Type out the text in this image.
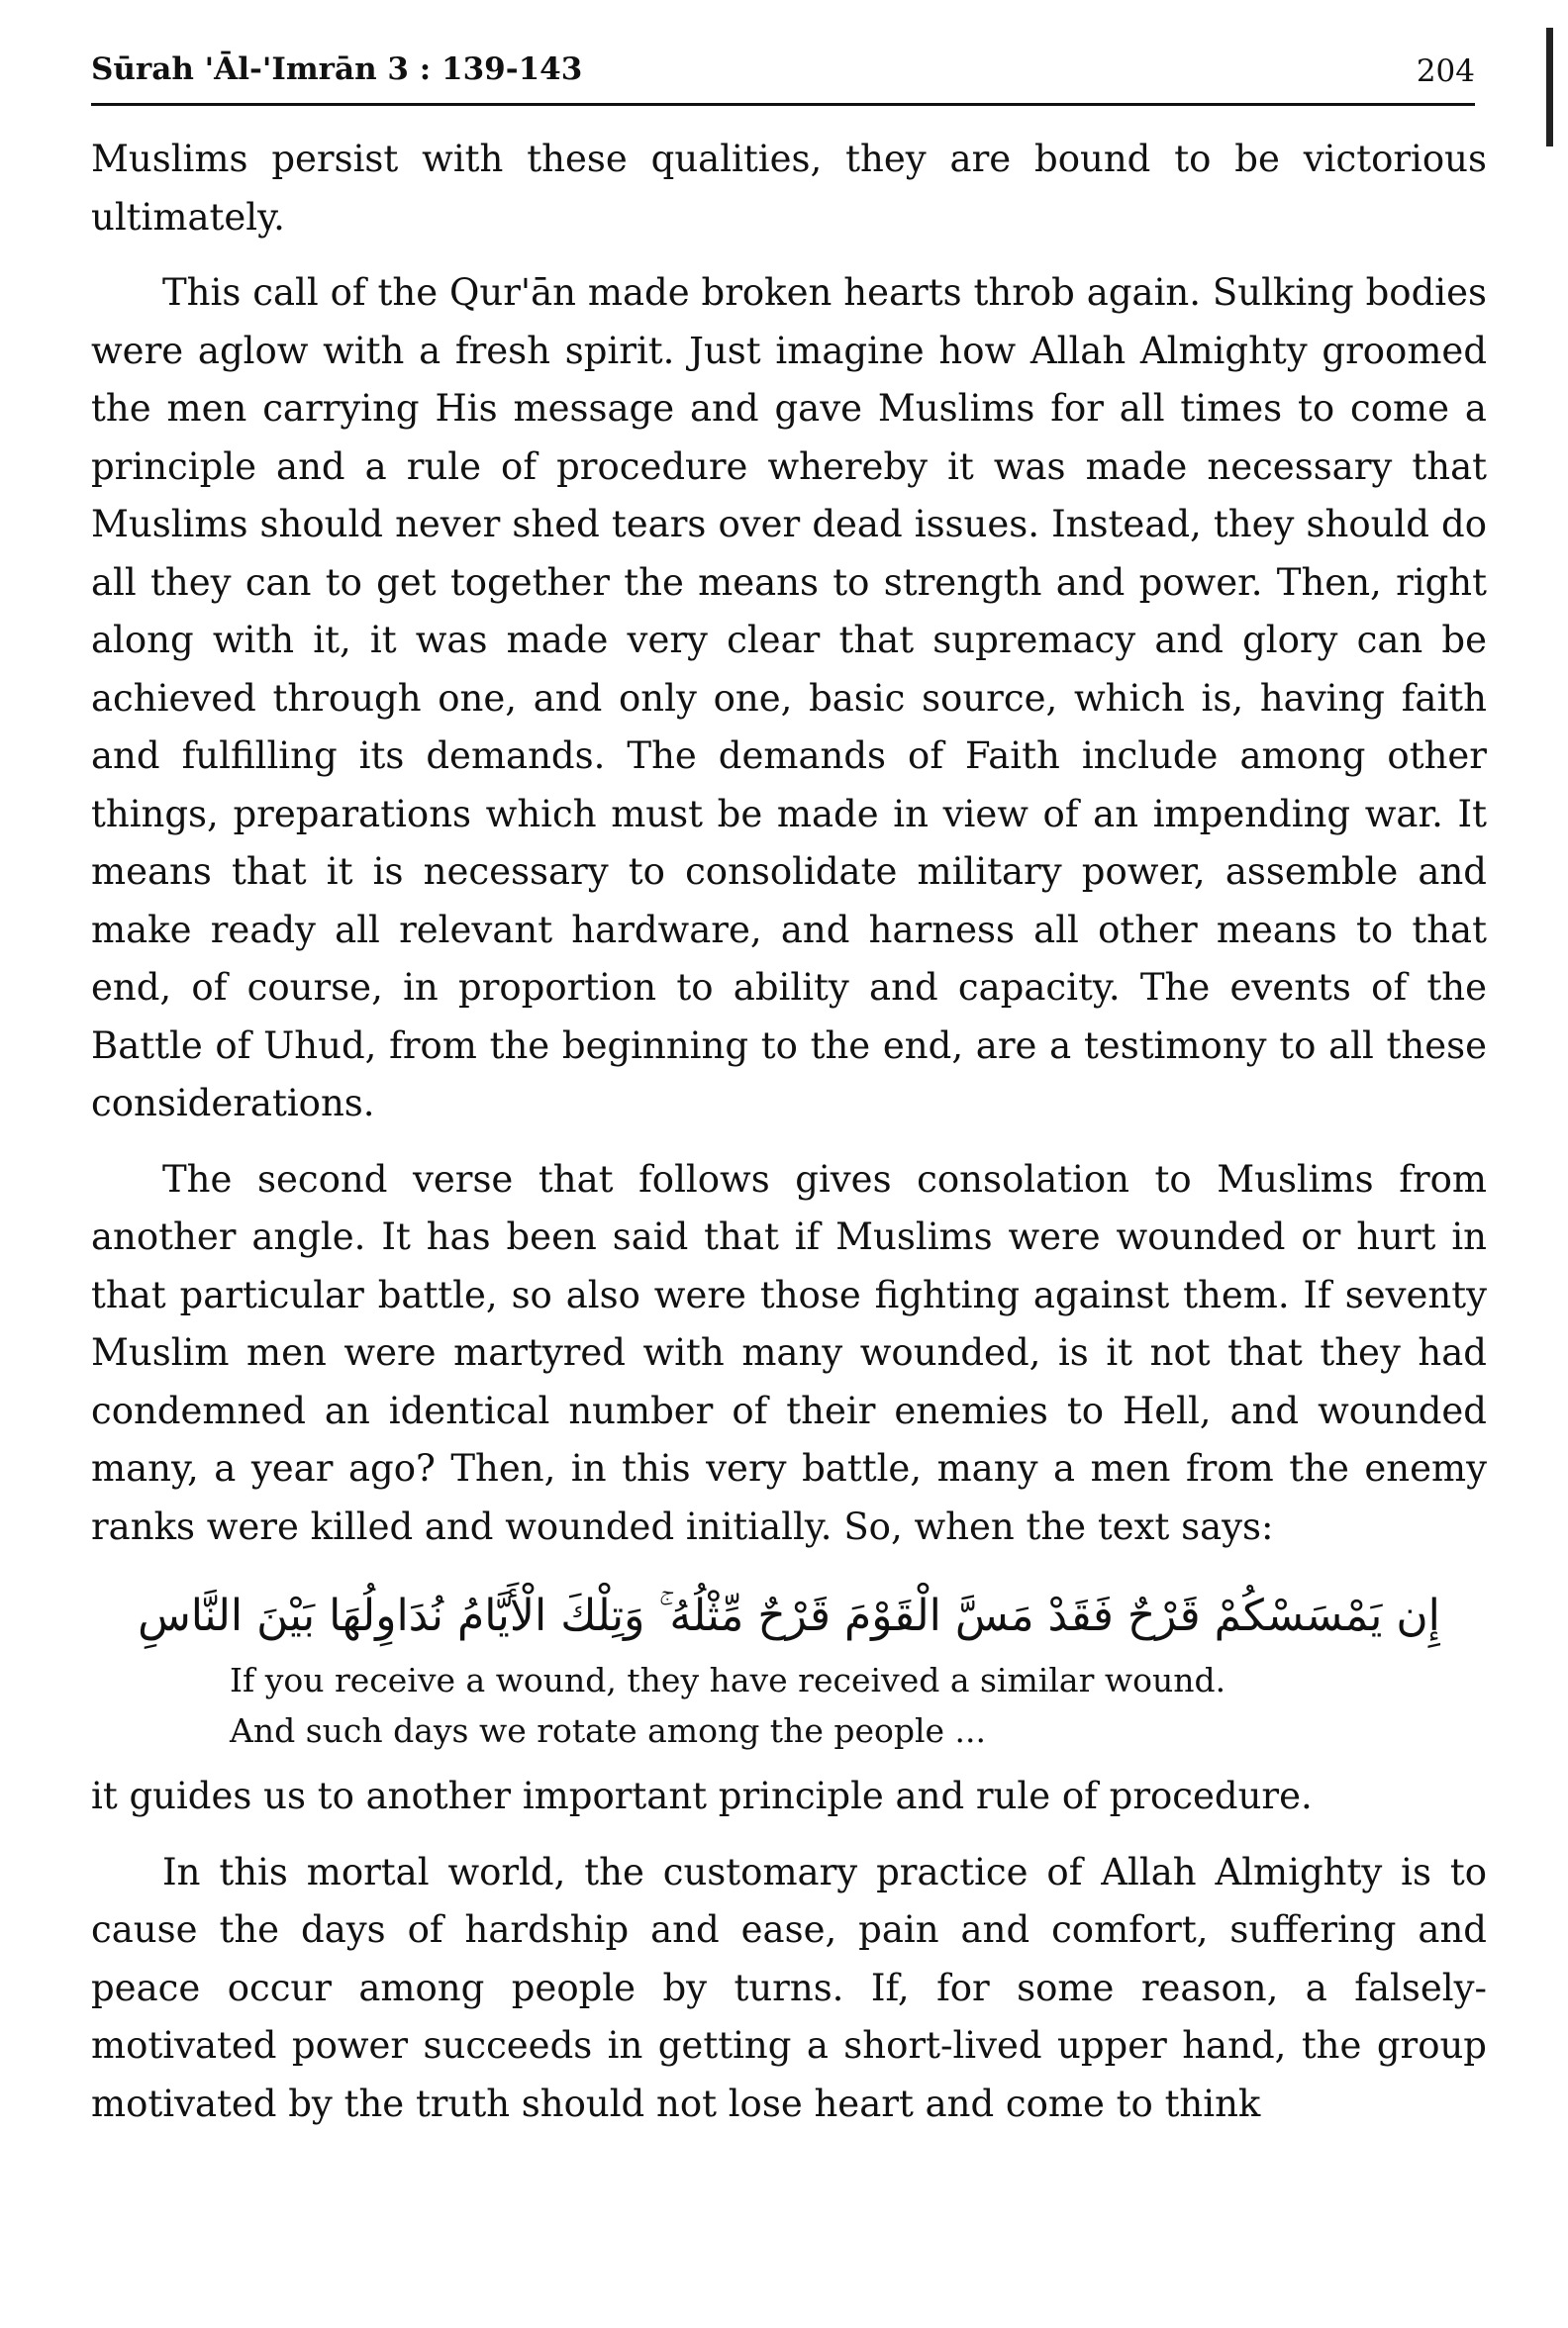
Sūrah 'Āl-'Imrān 3 : 139-143	204

Muslims persist with these qualities, they are bound to be victorious ultimately.

This call of the Qur'ān made broken hearts throb again. Sulking bodies were aglow with a fresh spirit. Just imagine how Allah Almighty groomed the men carrying His message and gave Muslims for all times to come a principle and a rule of procedure whereby it was made necessary that Muslims should never shed tears over dead issues. Instead, they should do all they can to get together the means to strength and power. Then, right along with it, it was made very clear that supremacy and glory can be achieved through one, and only one, basic source, which is, having faith and fulfilling its demands. The demands of Faith include among other things, preparations which must be made in view of an impending war. It means that it is necessary to consolidate military power, assemble and make ready all relevant hardware, and harness all other means to that end, of course, in proportion to ability and capacity. The events of the Battle of Uhud, from the beginning to the end, are a testimony to all these considerations.

The second verse that follows gives consolation to Muslims from another angle. It has been said that if Muslims were wounded or hurt in that particular battle, so also were those fighting against them. If seventy Muslim men were martyred with many wounded, is it not that they had condemned an identical number of their enemies to Hell, and wounded many, a year ago? Then, in this very battle, many a men from the enemy ranks were killed and wounded initially. So, when the text says:

إِن يَمْسَسْكُمْ قَرْحٌ فَقَدْ مَسَّ الْقَوْمَ قَرْحٌ مِّثْلُهُ ۚ وَتِلْكَ الْأَيَّامُ نُدَاوِلُهَا بَيْنَ النَّاسِ
If you receive a wound, they have received a similar wound.
And such days we rotate among the people ...

it guides us to another important principle and rule of procedure.

In this mortal world, the customary practice of Allah Almighty is to cause the days of hardship and ease, pain and comfort, suffering and peace occur among people by turns. If, for some reason, a falsely-motivated power succeeds in getting a short-lived upper hand, the group motivated by the truth should not lose heart and come to think
